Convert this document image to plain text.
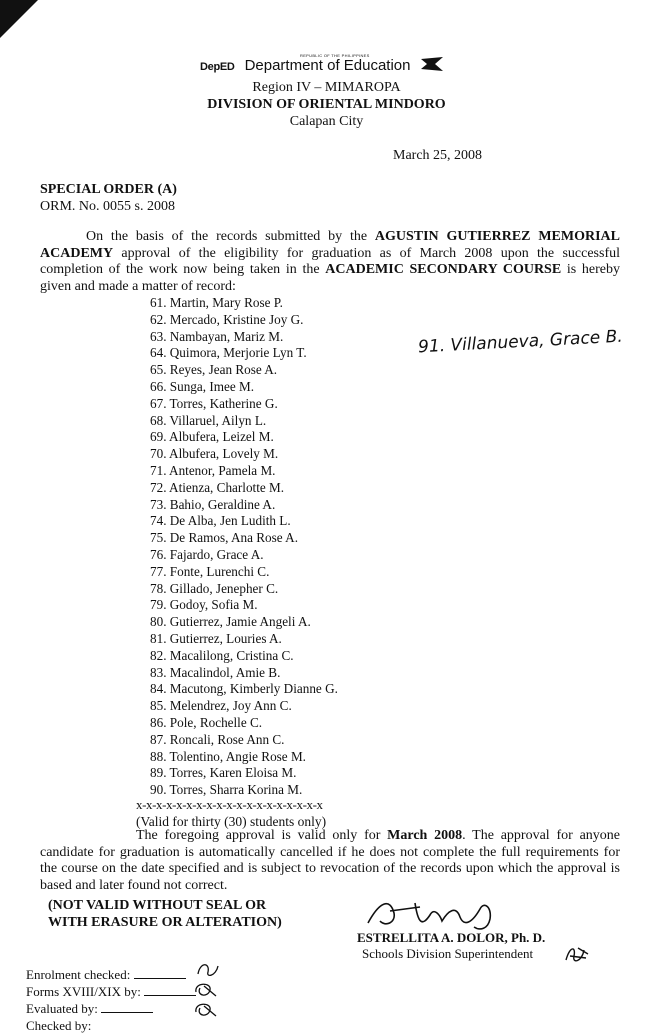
REPUBLIC OF THE PHILIPPINES
DepED Department of Education
Region IV – MIMAROPA
DIVISION OF ORIENTAL MINDORO
Calapan City
March 25, 2008
SPECIAL ORDER (A)
ORM. No. 0055 s. 2008
On the basis of the records submitted by the AGUSTIN GUTIERREZ MEMORIAL ACADEMY approval of the eligibility for graduation as of March 2008 upon the successful completion of the work now being taken in the ACADEMIC SECONDARY COURSE is hereby given and made a matter of record:
61. Martin, Mary Rose P.
62. Mercado, Kristine Joy G.
63. Nambayan, Mariz M.
64. Quimora, Merjorie Lyn T.
65. Reyes, Jean Rose A.
66. Sunga, Imee M.
67. Torres, Katherine G.
68. Villaruel, Ailyn L.
69. Albufera, Leizel M.
70. Albufera, Lovely M.
71. Antenor, Pamela M.
72. Atienza, Charlotte M.
73. Bahio, Geraldine A.
74. De Alba, Jen Ludith L.
75. De Ramos, Ana Rose A.
76. Fajardo, Grace A.
77. Fonte, Lurenchi C.
78. Gillado, Jenepher C.
79. Godoy, Sofia M.
80. Gutierrez, Jamie Angeli A.
81. Gutierrez, Louries A.
82. Macalilong, Cristina C.
83. Macalindol, Amie B.
84. Macutong, Kimberly Dianne G.
85. Melendrez, Joy Ann C.
86. Pole, Rochelle C.
87. Roncali, Rose Ann C.
88. Tolentino, Angie Rose M.
89. Torres, Karen Eloisa M.
90. Torres, Sharra Korina M.
91. Villanueva, Grace B.
x-x-x-x-x-x-x-x-x-x-x-x-x-x-x-x-x-x-x
(Valid for thirty (30) students only)
The foregoing approval is valid only for March 2008. The approval for anyone candidate for graduation is automatically cancelled if he does not complete the full requirements for the course on the date specified and is subject to revocation of the records upon which the approval is based and later found not correct.
(NOT VALID WITHOUT SEAL OR
WITH ERASURE OR ALTERATION)
ESTRELLITA A. DOLOR, Ph. D.
Schools Division Superintendent
Enrolment checked:
Forms XVIII/XIX by:
Evaluated by:
Checked by:
